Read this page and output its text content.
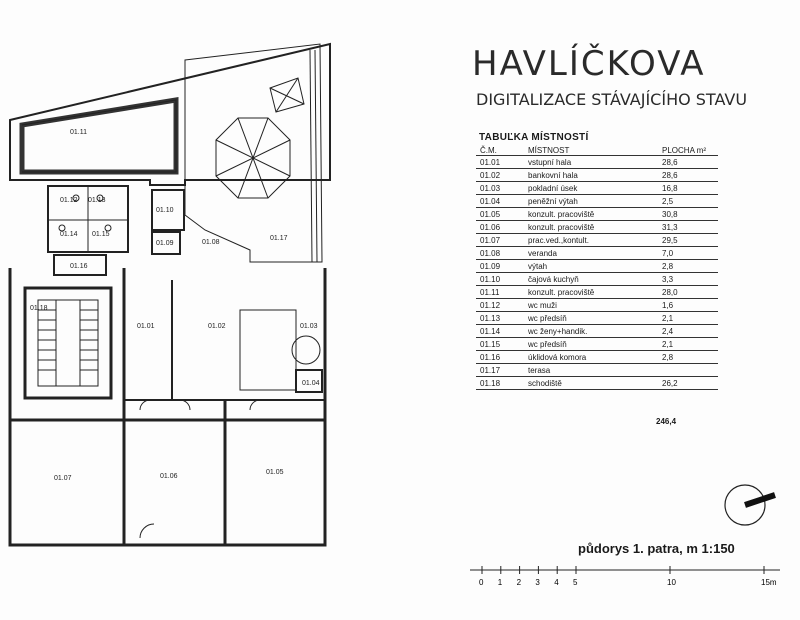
01.11
01.12 01.13
01.14 01.15
01.10
01.09	01.08
01.17
01.16
01.18
01.01	01.02	01.03
01.04
01.07	01.06
01.05
0 1 2 3 4 5	10	15m
HAVLÍČKOVA
DIGITALIZACE STÁVAJÍCÍHO STAVU
TABUĽKA MÍSTNOSTÍ
Č.M.	MÍSTNOST	PLOCHA m²
01.01	vstupní hala	28,6
01.02	bankovní hala	28,6
01.03	pokladní úsek	16,8
01.04	peněžní výtah	2,5
01.05	konzult. pracoviště	30,8
01.06	konzult. pracoviště	31,3
01.07	prac.ved.,kontult.	29,5
01.08	veranda	7,0
01.09	výtah	2,8
01.10	čajová kuchyň	3,3
01.11	konzult. pracoviště	28,0
01.12	wc muži	1,6
01.13	wc předsíň	2,1
01.14	wc ženy+handik.	2,4
01.15	wc předsíň	2,1
01.16	úklidová komora	2,8
01.17	terasa	
01.18	schodiště	26,2
246,4
půdorys 1. patra, m 1:150
